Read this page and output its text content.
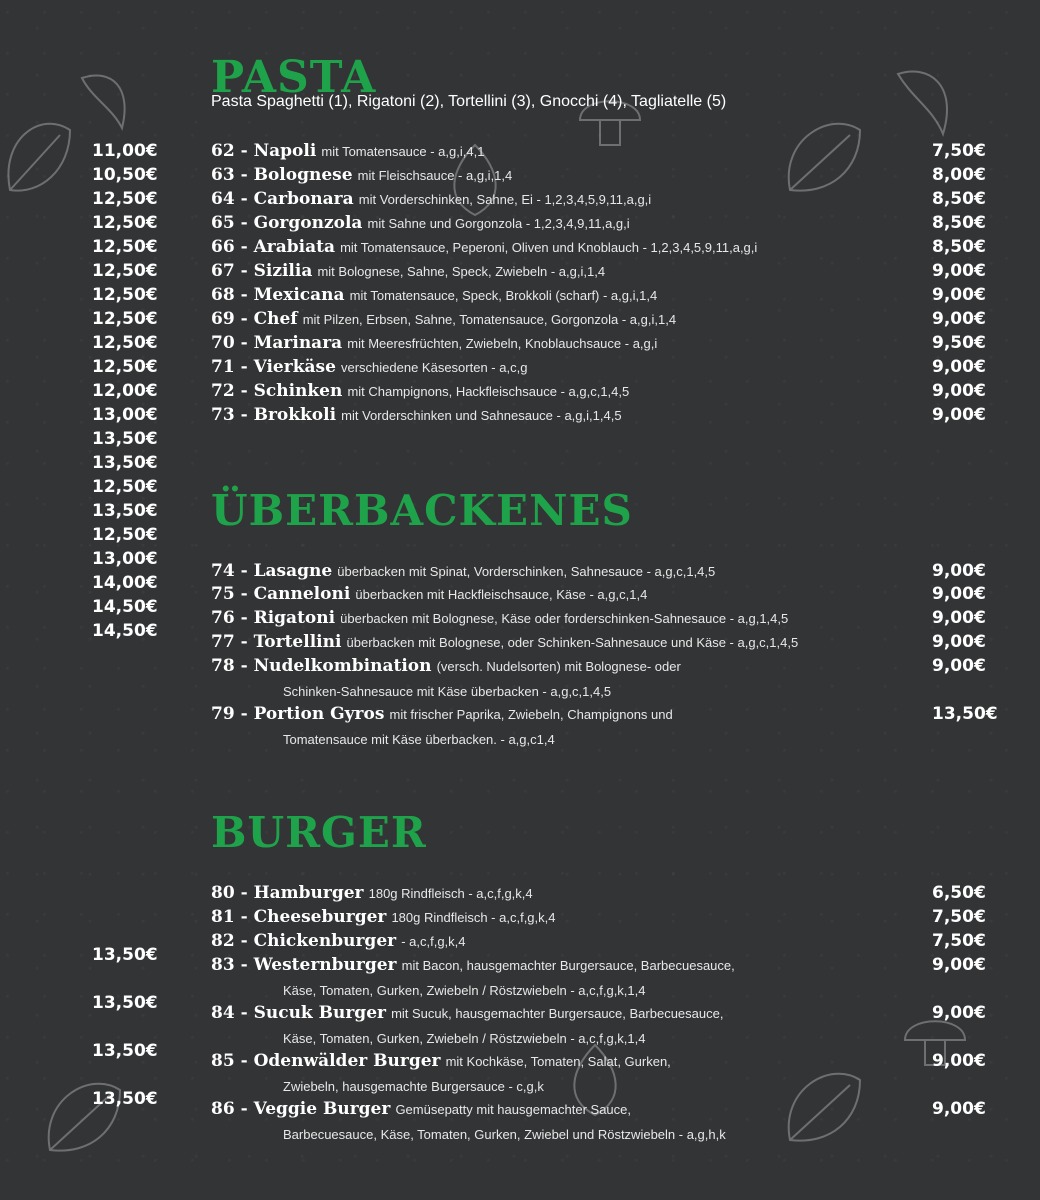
PASTA
Pasta Spaghetti (1), Rigatoni (2), Tortellini (3), Gnocchi (4), Tagliatelle (5)
62 - Napoli mit Tomatensauce - a,g,i,4,1
63 - Bolognese mit Fleischsauce - a,g,i,1,4
64 - Carbonara mit Vorderschinken, Sahne, Ei - 1,2,3,4,5,9,11,a,g,i
65 - Gorgonzola mit Sahne und Gorgonzola - 1,2,3,4,9,11,a,g,i
66 - Arabiata mit Tomatensauce, Peperoni, Oliven und Knoblauch - 1,2,3,4,5,9,11,a,g,i
67 - Sizilia mit Bolognese, Sahne, Speck, Zwiebeln - a,g,i,1,4
68 - Mexicana mit Tomatensauce, Speck, Brokkoli (scharf) - a,g,i,1,4
69 - Chef mit Pilzen, Erbsen, Sahne, Tomatensauce, Gorgonzola - a,g,i,1,4
70 - Marinara mit Meeresfrüchten, Zwiebeln, Knoblauchsauce - a,g,i
71 - Vierkäse verschiedene Käsesorten - a,c,g
72 - Schinken mit Champignons, Hackfleischsauce - a,g,c,1,4,5
73 - Brokkoli mit Vorderschinken und Sahnesauce - a,g,i,1,4,5
7,50€
8,00€
8,50€
8,50€
8,50€
9,00€
9,00€
9,00€
9,50€
9,00€
9,00€
9,00€
11,00€
10,50€
12,50€
12,50€
12,50€
12,50€
12,50€
12,50€
12,50€
12,50€
12,00€
13,00€
13,50€
13,50€
12,50€
13,50€
12,50€
13,00€
14,00€
14,50€
14,50€
ÜBERBACKENES
74 - Lasagne überbacken mit Spinat, Vorderschinken, Sahnesauce - a,g,c,1,4,5
75 - Canneloni überbacken mit Hackfleischsauce, Käse - a,g,c,1,4
76 - Rigatoni überbacken mit Bolognese, Käse oder forderschinken-Sahnesauce - a,g,1,4,5
77 - Tortellini überbacken mit Bolognese, oder Schinken-Sahnesauce und Käse - a,g,c,1,4,5
78 - Nudelkombination (versch. Nudelsorten) mit Bolognese- oder
Schinken-Sahnesauce mit Käse überbacken - a,g,c,1,4,5
79 - Portion Gyros mit frischer Paprika, Zwiebeln, Champignons und
Tomatensauce mit Käse überbacken. - a,g,c1,4
9,00€
9,00€
9,00€
9,00€
9,00€
13,50€
BURGER
80 - Hamburger 180g Rindfleisch - a,c,f,g,k,4
81 - Cheeseburger 180g Rindfleisch - a,c,f,g,k,4
82 - Chickenburger - a,c,f,g,k,4
83 - Westernburger mit Bacon, hausgemachter Burgersauce, Barbecuesauce,
Käse, Tomaten, Gurken, Zwiebeln / Röstzwiebeln - a,c,f,g,k,1,4
84 - Sucuk Burger mit Sucuk, hausgemachter Burgersauce, Barbecuesauce,
Käse, Tomaten, Gurken, Zwiebeln / Röstzwiebeln - a,c,f,g,k,1,4
85 - Odenwälder Burger mit Kochkäse, Tomaten, Salat, Gurken,
Zwiebeln, hausgemachte Burgersauce - c,g,k
86 - Veggie Burger Gemüsepatty mit hausgemachter Sauce,
Barbecuesauce, Käse, Tomaten, Gurken, Zwiebel und Röstzwiebeln - a,g,h,k
6,50€
7,50€
7,50€
9,00€
9,00€
9,00€
9,00€
13,50€
13,50€
13,50€
13,50€
